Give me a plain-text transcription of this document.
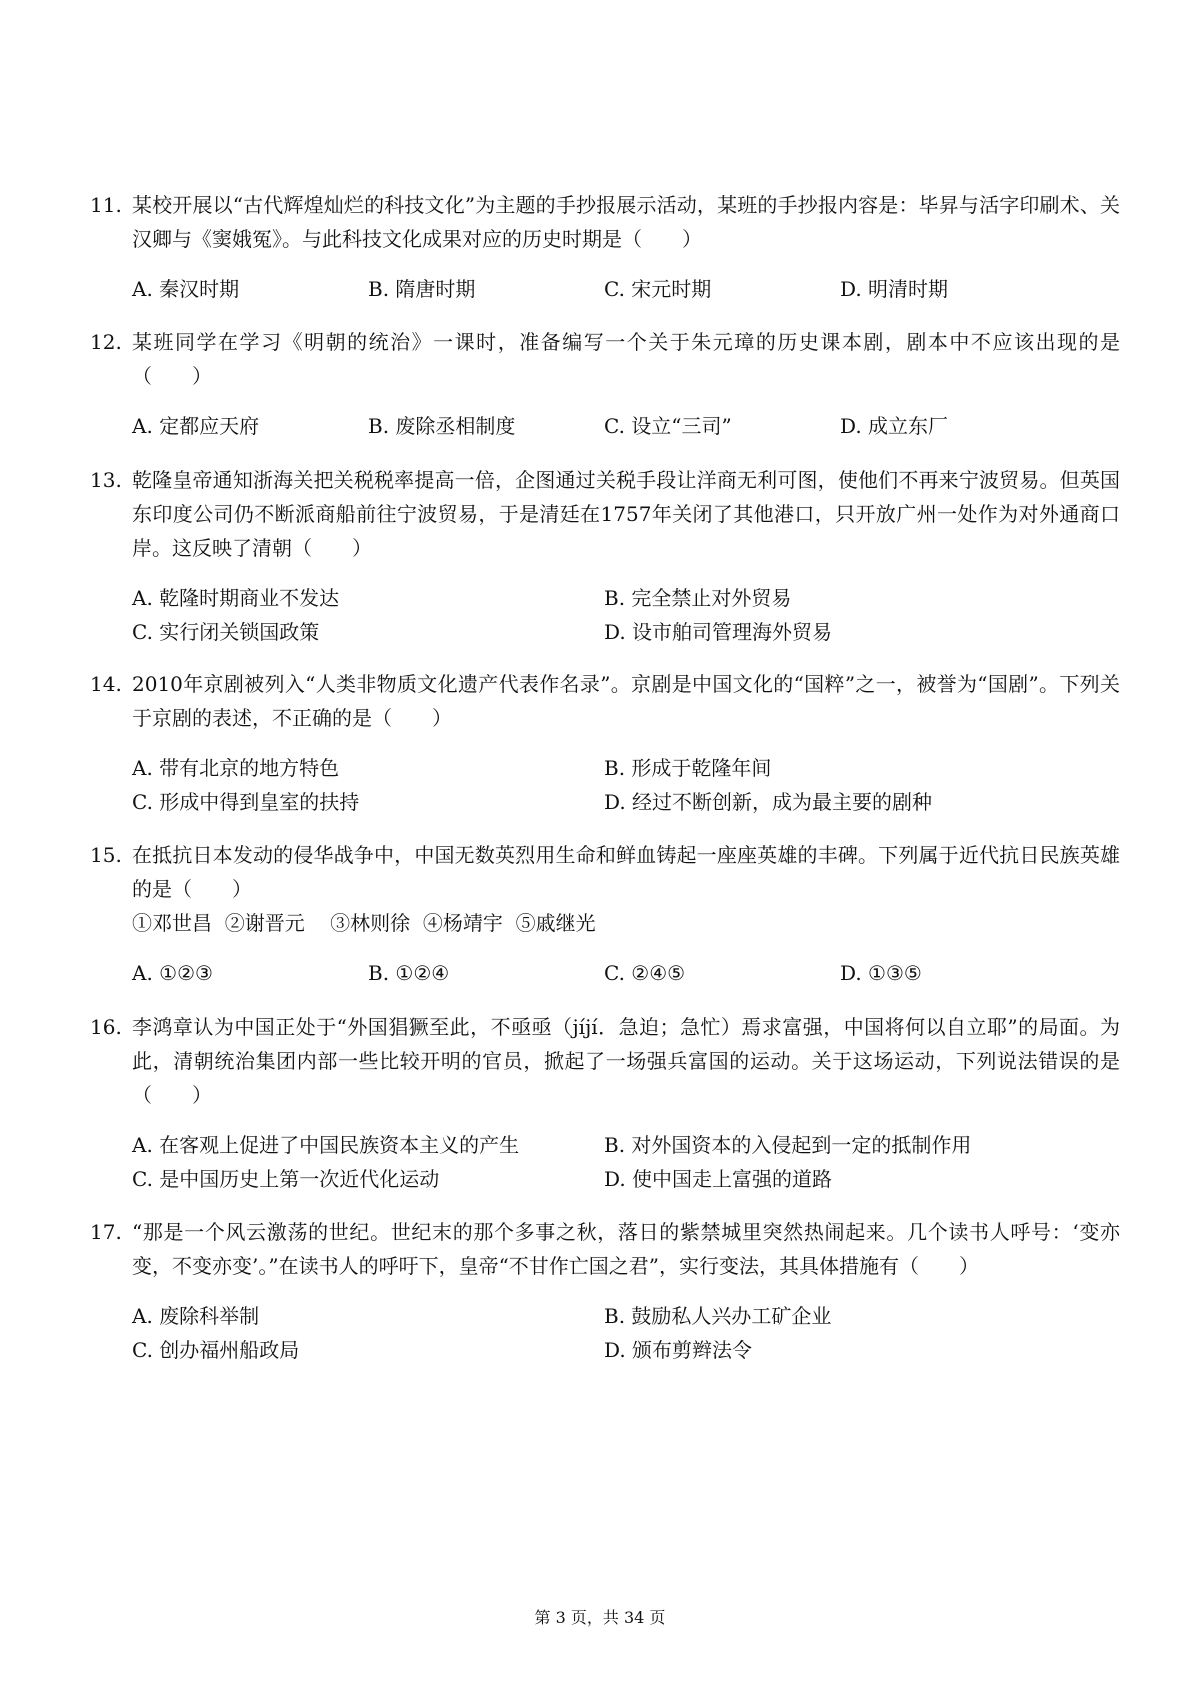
11. 某校开展以“古代辉煌灿烂的科技文化”为主题的手抄报展示活动，某班的手抄报内容是：毕昇与活字印刷术、关汉卿与《窦娥冤》。与此科技文化成果对应的历史时期是（　　）
A. 秦汉时期	B. 隋唐时期	C. 宋元时期	D. 明清时期
12. 某班同学在学习《明朝的统治》一课时，准备编写一个关于朱元璋的历史课本剧，剧本中不应该出现的是（　　）
A. 定都应天府	B. 废除丞相制度	C. 设立“三司”	D. 成立东厂
13. 乾隆皇帝通知浙海关把关税税率提高一倍，企图通过关税手段让洋商无利可图，使他们不再来宁波贸易。但英国东印度公司仍不断派商船前往宁波贸易，于是清廷在1757年关闭了其他港口，只开放广州一处作为对外通商口岸。这反映了清朝（　　）
A. 乾隆时期商业不发达	B. 完全禁止对外贸易
C. 实行闭关锁国政策	D. 设市舶司管理海外贸易
14. 2010年京剧被列入“人类非物质文化遗产代表作名录”。京剧是中国文化的“国粹”之一，被誉为“国剧”。下列关于京剧的表述，不正确的是（　　）
A. 带有北京的地方特色	B. 形成于乾隆年间
C. 形成中得到皇室的扶持	D. 经过不断创新，成为最主要的剧种
15. 在抵抗日本发动的侵华战争中，中国无数英烈用生命和鲜血铸起一座座英雄的丰碑。下列属于近代抗日民族英雄的是（　　）
①邓世昌  ②谢晋元    ③林则徐  ④杨靖宇  ⑤戚继光
A. ①②③	B. ①②④	C. ②④⑤	D. ①③⑤
16. 李鸿章认为中国正处于“外国猖獗至此，不亟亟（jíjí．急迫；急忙）焉求富强，中国将何以自立耶”的局面。为此，清朝统治集团内部一些比较开明的官员，掀起了一场强兵富国的运动。关于这场运动，下列说法错误的是（　　）
A. 在客观上促进了中国民族资本主义的产生	B. 对外国资本的入侵起到一定的抵制作用
C. 是中国历史上第一次近代化运动	D. 使中国走上富强的道路
17. “那是一个风云激荡的世纪。世纪末的那个多事之秋，落日的紫禁城里突然热闹起来。几个读书人呼号：‘变亦变，不变亦变’。”在读书人的呼吁下，皇帝“不甘作亡国之君”，实行变法，其具体措施有（　　）
A. 废除科举制	B. 鼓励私人兴办工矿企业
C. 创办福州船政局	D. 颁布剪辫法令
第 3 页，共 34 页
